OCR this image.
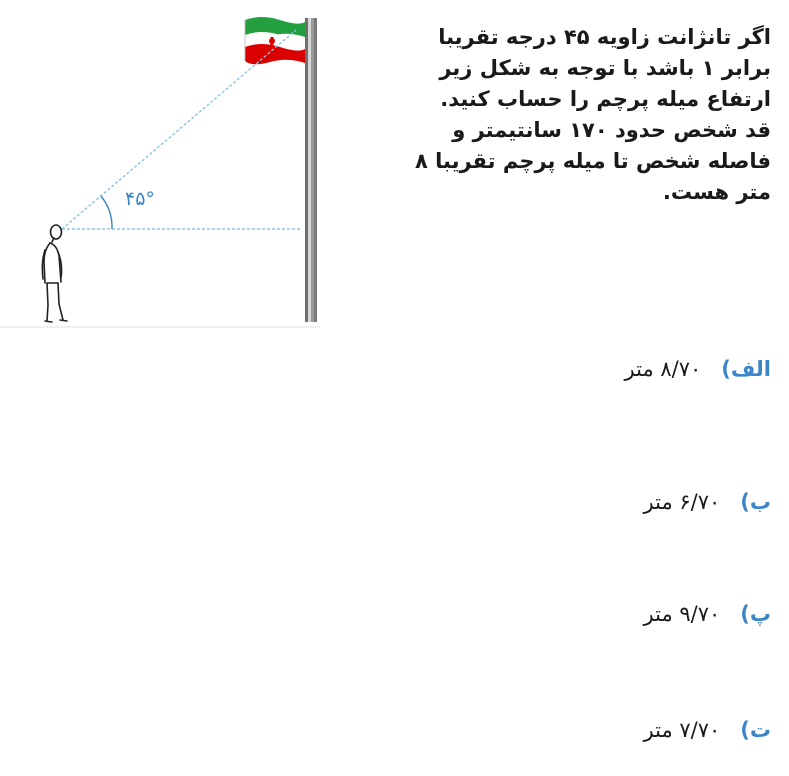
۴۵°
اگر تانژانت زاویه ۴۵ درجه تقریبا
برابر ۱ باشد با توجه به شکل زیر
ارتفاع میله پرچم را حساب کنید.
قد شخص حدود ۱۷۰ سانتیمتر و
فاصله شخص تا میله پرچم تقریبا ۸
متر هست.
الف)
۸/۷۰ متر
ب)
۶/۷۰ متر
پ)
۹/۷۰ متر
ت)
۷/۷۰ متر
